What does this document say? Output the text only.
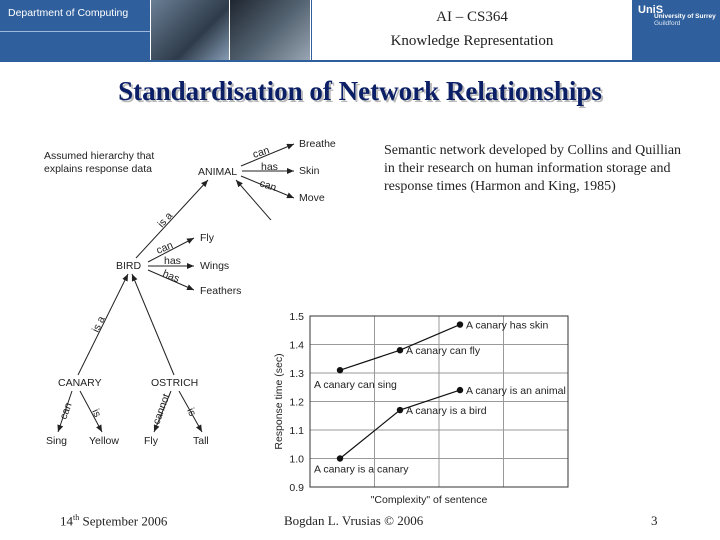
Department of Computing	AI – CS364
Knowledge Representation
UniS
University of Surrey
Guildford
Standardisation of Network Relationships
Assumed hierarchy that
explains response data	ANIMAL
BIRD
CANARY	OSTRICH
Breathe
Skin
Move
Fly
Wings
Feathers
Sing Yellow Fly	Tall
can
has
can
is a
can
has
has
is a
can is	cannot is
Semantic network developed by Collins and Quillian in their research on human information storage and response times (Harmon and King, 1985)
0.9
1.0
1.1
1.2
1.3
1.4
1.5
Response time (sec)
"Complexity" of sentence
A canary can sing
A canary can fly
A canary has skin
A canary is a canary
A canary is a bird
A canary is an animal
14th September 2006	Bogdan L. Vrusias © 2006	3
